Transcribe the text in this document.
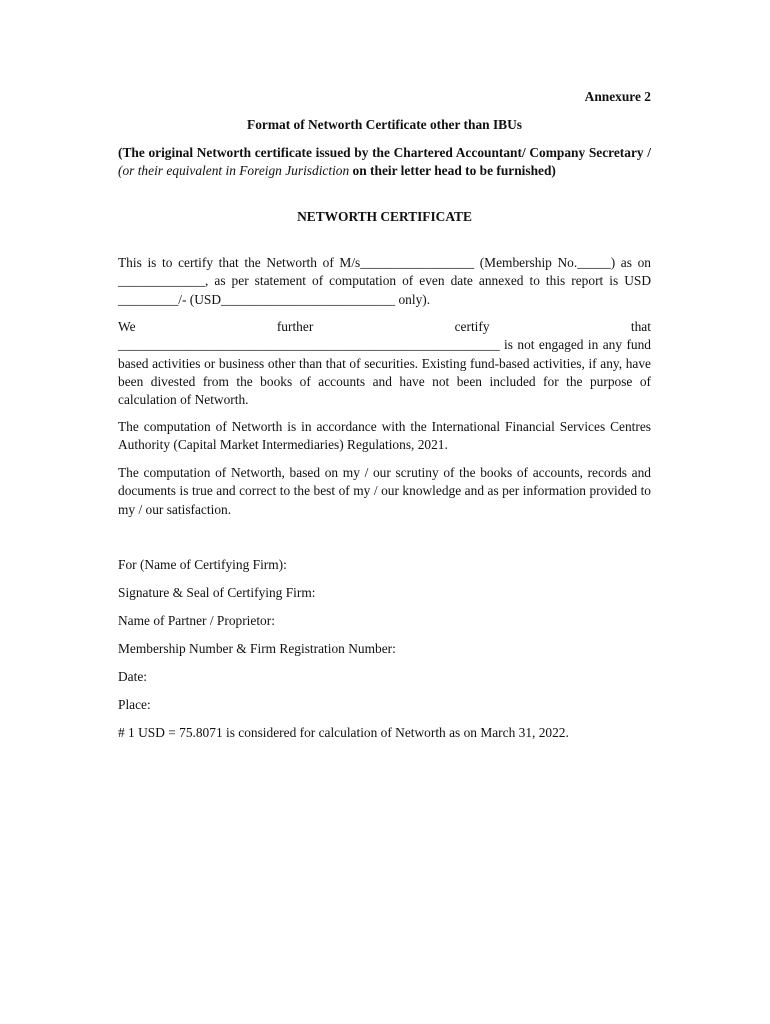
Annexure 2
Format of Networth Certificate other than IBUs
(The original Networth certificate issued by the Chartered Accountant/ Company Secretary / (or their equivalent in Foreign Jurisdiction on their letter head to be furnished)
NETWORTH CERTIFICATE
This is to certify that the Networth of M/s_________________ (Membership No._____) as on _____________, as per statement of computation of even date annexed to this report is USD _________/- (USD__________________________ only).
We	further	certify	that
_________________________________________________________ is not engaged in any fund based activities or business other than that of securities. Existing fund-based activities, if any, have been divested from the books of accounts and have not been included for the purpose of calculation of Networth.
The computation of Networth is in accordance with the International Financial Services Centres Authority (Capital Market Intermediaries) Regulations, 2021.
The computation of Networth, based on my / our scrutiny of the books of accounts, records and documents is true and correct to the best of my / our knowledge and as per information provided to my / our satisfaction.
For (Name of Certifying Firm):
Signature & Seal of Certifying Firm:
Name of Partner / Proprietor:
Membership Number & Firm Registration Number:
Date:
Place:
# 1 USD = 75.8071 is considered for calculation of Networth as on March 31, 2022.
